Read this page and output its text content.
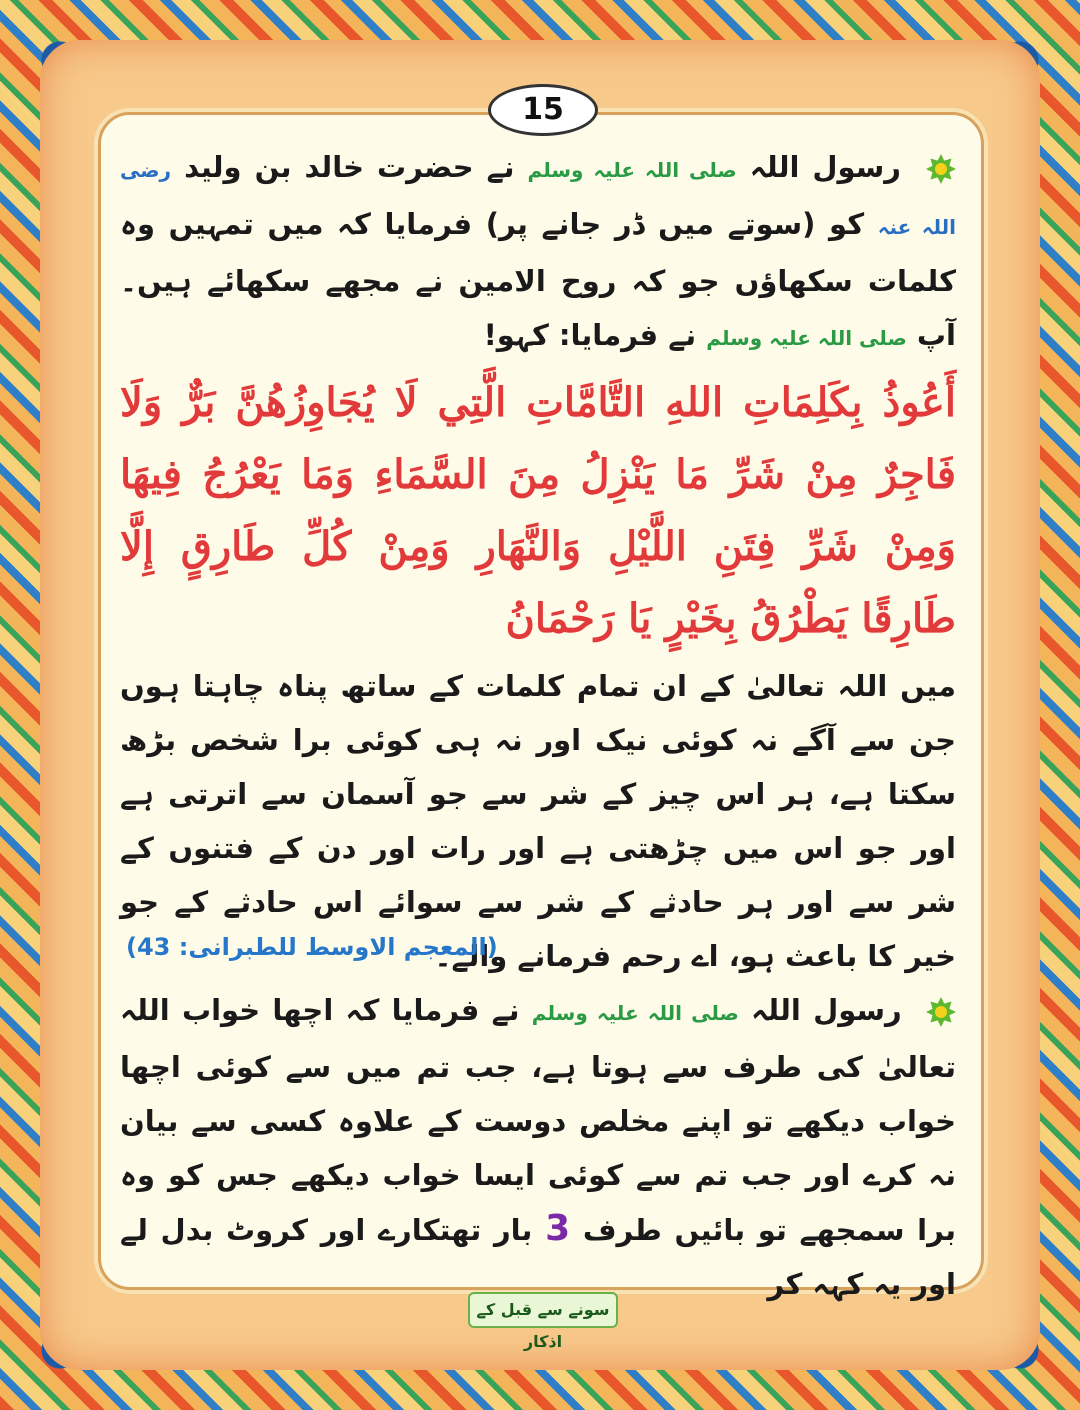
15

رسول اللہ صلی اللہ علیہ وسلم نے حضرت خالد بن ولید رضی اللہ عنہ کو (سوتے میں ڈر جانے پر) فرمایا کہ میں تمہیں وہ کلمات سکھاؤں جو کہ روح الامین نے مجھے سکھائے ہیں۔ آپ صلی اللہ علیہ وسلم نے فرمایا: کہو!

أَعُوذُ بِكَلِمَاتِ اللهِ التَّامَّاتِ الَّتِي لَا يُجَاوِزُهُنَّ بَرٌّ وَلَا فَاجِرٌ مِنْ شَرِّ مَا يَنْزِلُ مِنَ السَّمَاءِ وَمَا يَعْرُجُ فِيهَا وَمِنْ شَرِّ فِتَنِ اللَّيْلِ وَالنَّهَارِ وَمِنْ كُلِّ طَارِقٍ إِلَّا طَارِقًا يَطْرُقُ بِخَيْرٍ يَا رَحْمَانُ

میں اللہ تعالیٰ کے ان تمام کلمات کے ساتھ پناہ چاہتا ہوں جن سے آگے نہ کوئی نیک اور نہ ہی کوئی برا شخص بڑھ سکتا ہے، ہر اس چیز کے شر سے جو آسمان سے اترتی ہے اور جو اس میں چڑھتی ہے اور رات اور دن کے فتنوں کے شر سے اور ہر حادثے کے شر سے سوائے اس حادثے کے جو خیر کا باعث ہو، اے رحم فرمانے والے۔

(المعجم الاوسط للطبرانی: 43)

رسول اللہ صلی اللہ علیہ وسلم نے فرمایا کہ اچھا خواب اللہ تعالیٰ کی طرف سے ہوتا ہے، جب تم میں سے کوئی اچھا خواب دیکھے تو اپنے مخلص دوست کے علاوہ کسی سے بیان نہ کرے اور جب تم سے کوئی ایسا خواب دیکھے جس کو وہ برا سمجھے تو بائیں طرف 3 بار تھتکارے اور کروٹ بدل لے اور یہ کہہ کر

سونے سے قبل کے اذکار
